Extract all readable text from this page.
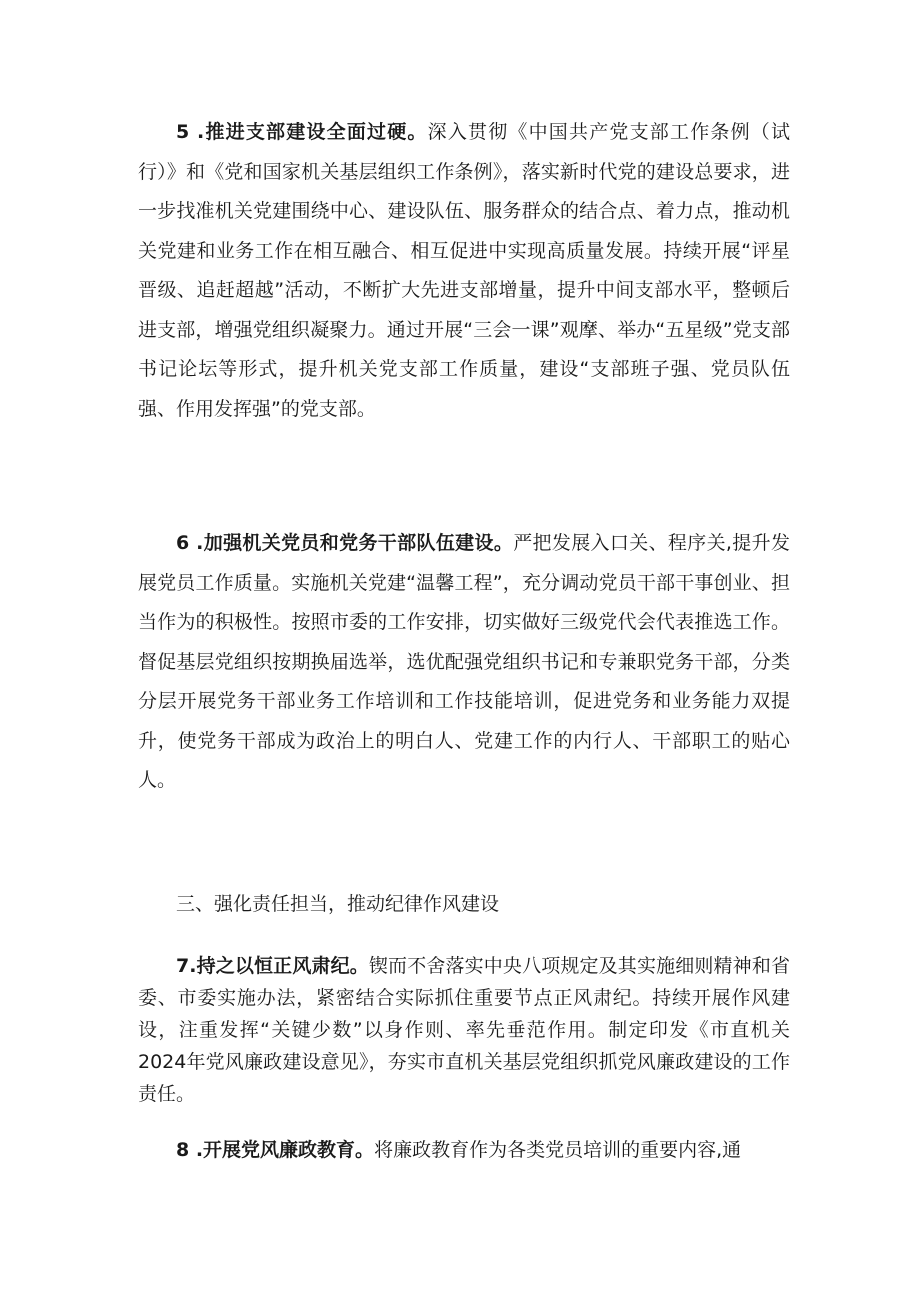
5 .推进支部建设全面过硬。深入贯彻《中国共产党支部工作条例（试行）》和《党和国家机关基层组织工作条例》，落实新时代党的建设总要求，进一步找准机关党建围绕中心、建设队伍、服务群众的结合点、着力点，推动机关党建和业务工作在相互融合、相互促进中实现高质量发展。持续开展“评星晋级、追赶超越”活动，不断扩大先进支部增量，提升中间支部水平，整顿后进支部，增强党组织凝聚力。通过开展“三会一课”观摩、举办“五星级”党支部书记论坛等形式，提升机关党支部工作质量，建设“支部班子强、党员队伍强、作用发挥强”的党支部。

6 .加强机关党员和党务干部队伍建设。严把发展入口关、程序关,提升发展党员工作质量。实施机关党建“温馨工程”，充分调动党员干部干事创业、担当作为的积极性。按照市委的工作安排，切实做好三级党代会代表推选工作。督促基层党组织按期换届选举，选优配强党组织书记和专兼职党务干部，分类分层开展党务干部业务工作培训和工作技能培训，促进党务和业务能力双提升，使党务干部成为政治上的明白人、党建工作的内行人、干部职工的贴心人。

三、强化责任担当，推动纪律作风建设

7.持之以恒正风肃纪。锲而不舍落实中央八项规定及其实施细则精神和省委、市委实施办法，紧密结合实际抓住重要节点正风肃纪。持续开展作风建设，注重发挥“关键少数”以身作则、率先垂范作用。制定印发《市直机关2024年党风廉政建设意见》，夯实市直机关基层党组织抓党风廉政建设的工作责任。

8 .开展党风廉政教育。将廉政教育作为各类党员培训的重要内容,通
